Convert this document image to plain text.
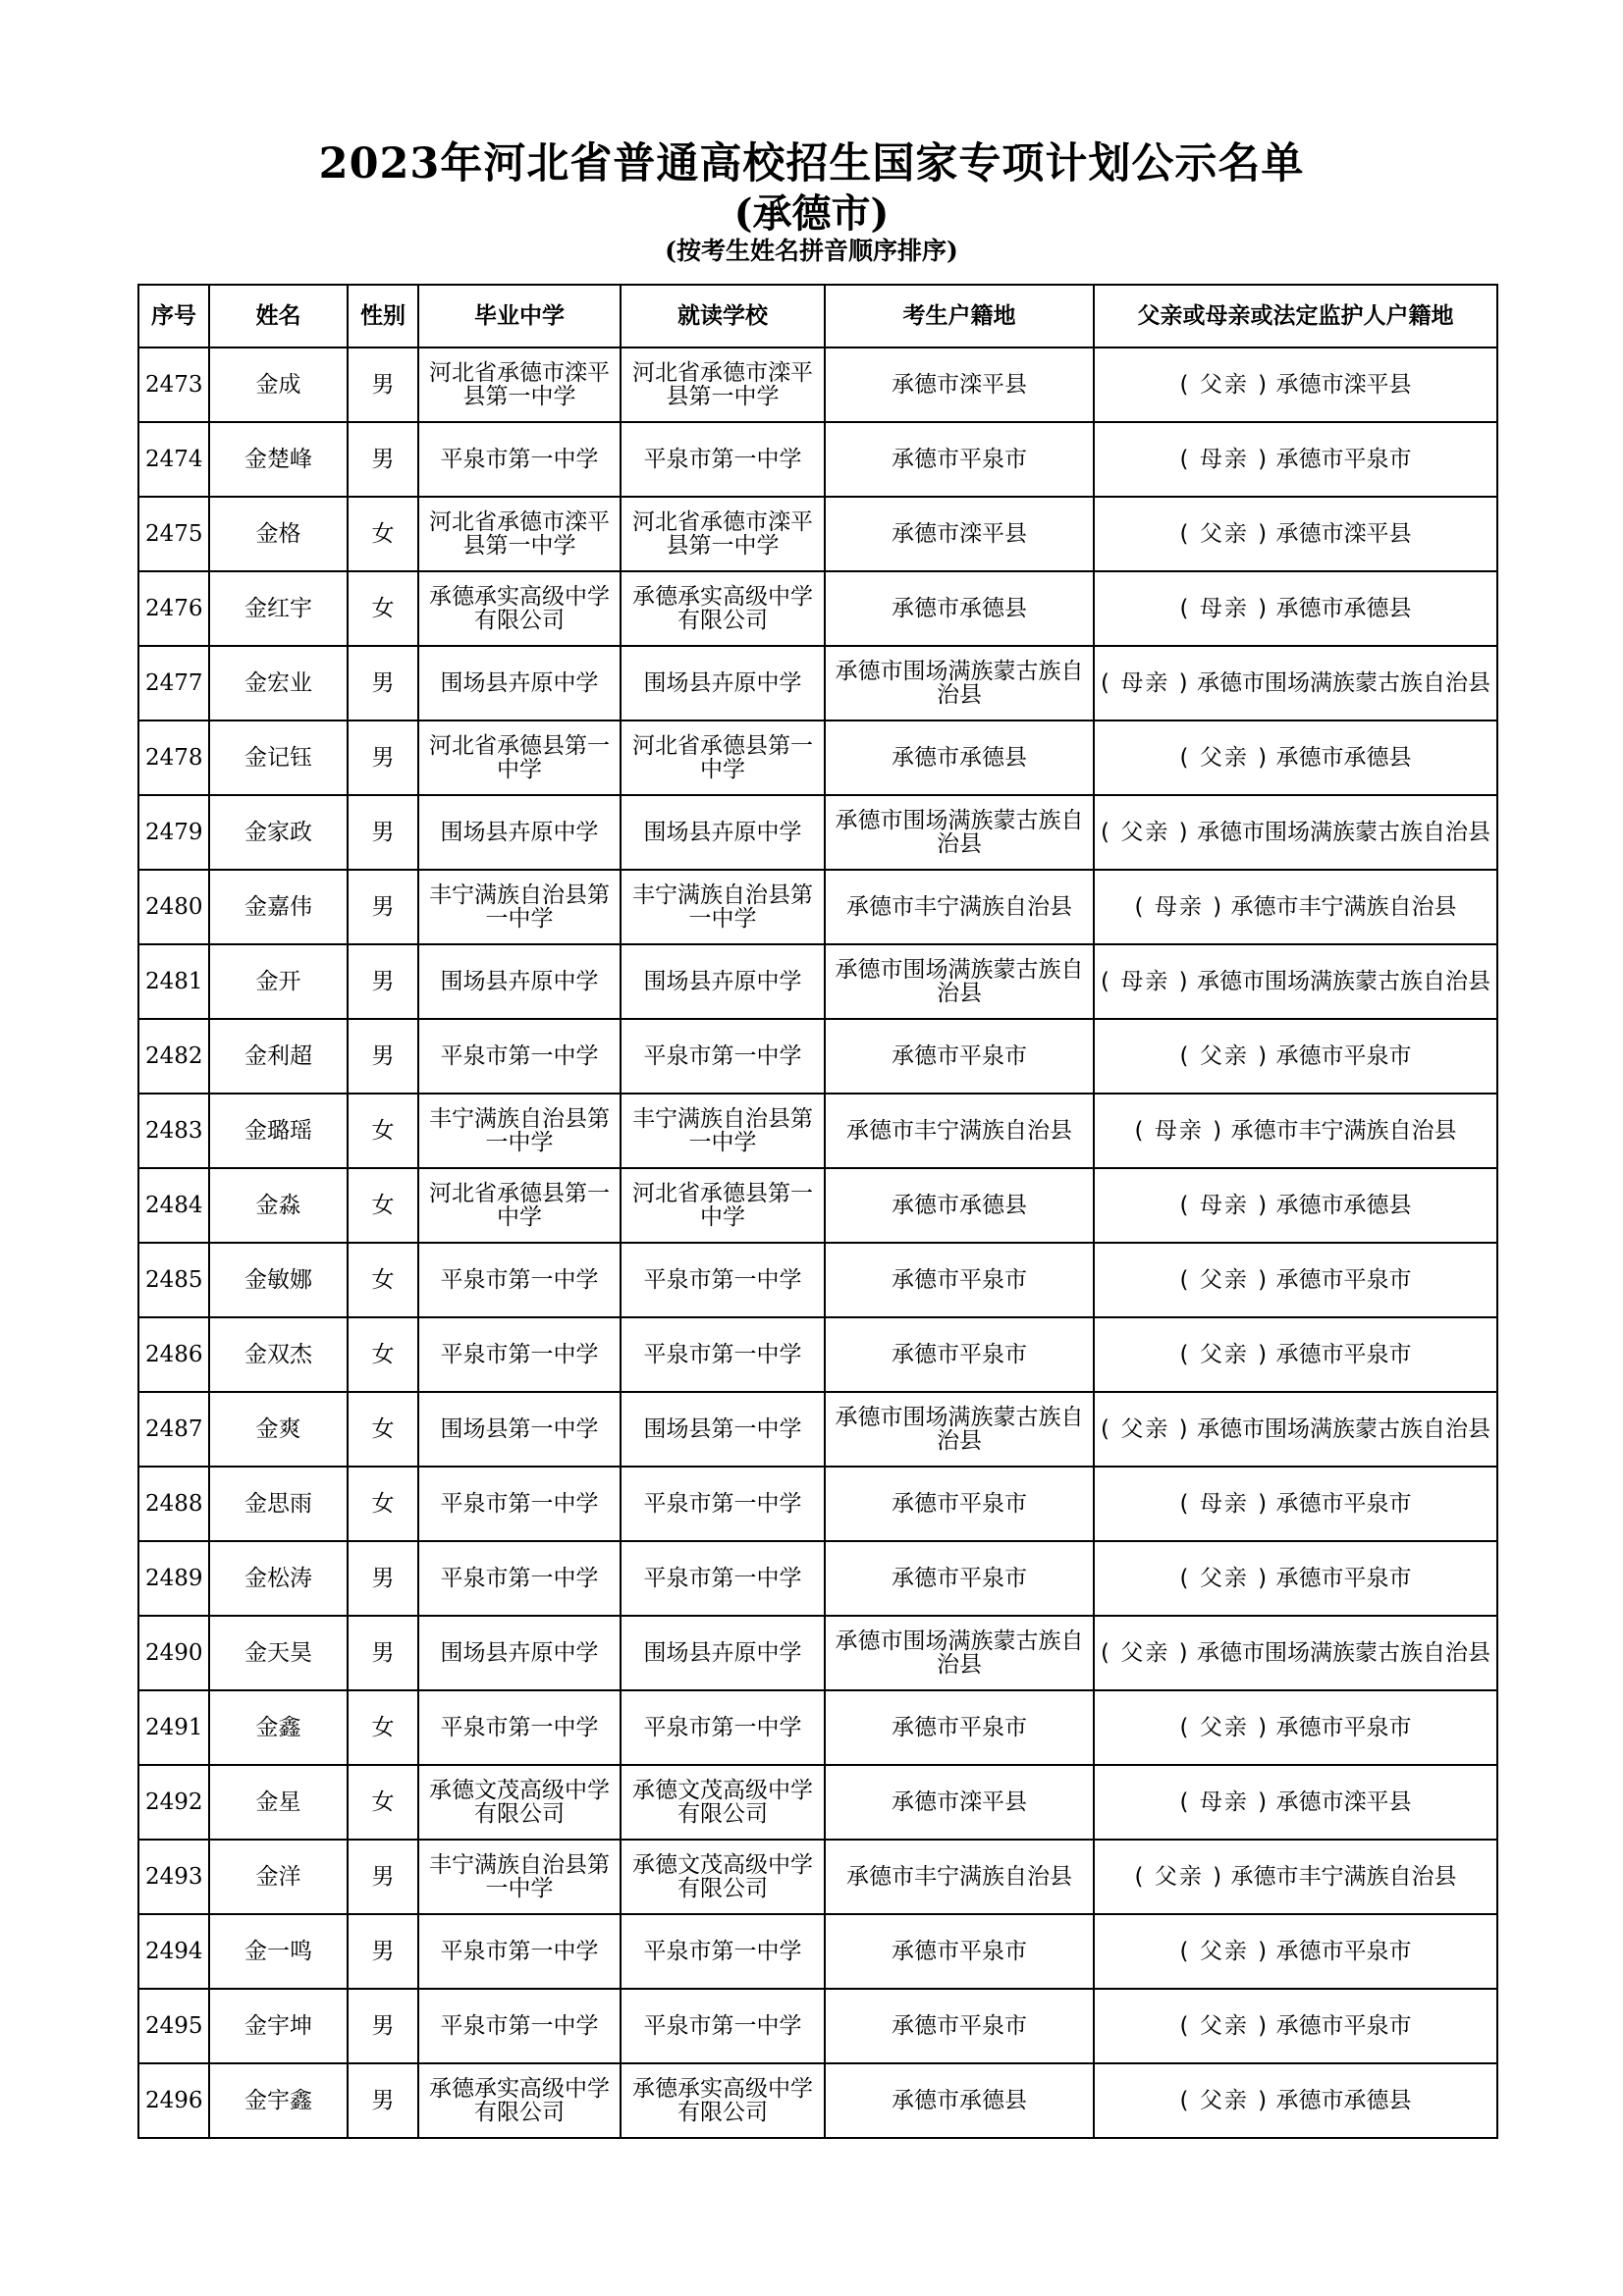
2023年河北省普通高校招生国家专项计划公示名单
(承德市)
(按考生姓名拼音顺序排序)
序号	姓名	性别	毕业中学	就读学校	考生户籍地	父亲或母亲或法定监护人户籍地
2473	金成	男	河北省承德市滦平县第一中学	河北省承德市滦平县第一中学	承德市滦平县	( 父亲 ) 承德市滦平县
2474	金楚峰	男	平泉市第一中学	平泉市第一中学	承德市平泉市	( 母亲 ) 承德市平泉市
2475	金格	女	河北省承德市滦平县第一中学	河北省承德市滦平县第一中学	承德市滦平县	( 父亲 ) 承德市滦平县
2476	金红宇	女	承德承实高级中学有限公司	承德承实高级中学有限公司	承德市承德县	( 母亲 ) 承德市承德县
2477	金宏业	男	围场县卉原中学	围场县卉原中学	承德市围场满族蒙古族自治县	( 母亲 ) 承德市围场满族蒙古族自治县
2478	金记钰	男	河北省承德县第一中学	河北省承德县第一中学	承德市承德县	( 父亲 ) 承德市承德县
2479	金家政	男	围场县卉原中学	围场县卉原中学	承德市围场满族蒙古族自治县	( 父亲 ) 承德市围场满族蒙古族自治县
2480	金嘉伟	男	丰宁满族自治县第一中学	丰宁满族自治县第一中学	承德市丰宁满族自治县	( 母亲 ) 承德市丰宁满族自治县
2481	金开	男	围场县卉原中学	围场县卉原中学	承德市围场满族蒙古族自治县	( 母亲 ) 承德市围场满族蒙古族自治县
2482	金利超	男	平泉市第一中学	平泉市第一中学	承德市平泉市	( 父亲 ) 承德市平泉市
2483	金璐瑶	女	丰宁满族自治县第一中学	丰宁满族自治县第一中学	承德市丰宁满族自治县	( 母亲 ) 承德市丰宁满族自治县
2484	金淼	女	河北省承德县第一中学	河北省承德县第一中学	承德市承德县	( 母亲 ) 承德市承德县
2485	金敏娜	女	平泉市第一中学	平泉市第一中学	承德市平泉市	( 父亲 ) 承德市平泉市
2486	金双杰	女	平泉市第一中学	平泉市第一中学	承德市平泉市	( 父亲 ) 承德市平泉市
2487	金爽	女	围场县第一中学	围场县第一中学	承德市围场满族蒙古族自治县	( 父亲 ) 承德市围场满族蒙古族自治县
2488	金思雨	女	平泉市第一中学	平泉市第一中学	承德市平泉市	( 母亲 ) 承德市平泉市
2489	金松涛	男	平泉市第一中学	平泉市第一中学	承德市平泉市	( 父亲 ) 承德市平泉市
2490	金天昊	男	围场县卉原中学	围场县卉原中学	承德市围场满族蒙古族自治县	( 父亲 ) 承德市围场满族蒙古族自治县
2491	金鑫	女	平泉市第一中学	平泉市第一中学	承德市平泉市	( 父亲 ) 承德市平泉市
2492	金星	女	承德文茂高级中学有限公司	承德文茂高级中学有限公司	承德市滦平县	( 母亲 ) 承德市滦平县
2493	金洋	男	丰宁满族自治县第一中学	承德文茂高级中学有限公司	承德市丰宁满族自治县	( 父亲 ) 承德市丰宁满族自治县
2494	金一鸣	男	平泉市第一中学	平泉市第一中学	承德市平泉市	( 父亲 ) 承德市平泉市
2495	金宇坤	男	平泉市第一中学	平泉市第一中学	承德市平泉市	( 父亲 ) 承德市平泉市
2496	金宇鑫	男	承德承实高级中学有限公司	承德承实高级中学有限公司	承德市承德县	( 父亲 ) 承德市承德县
